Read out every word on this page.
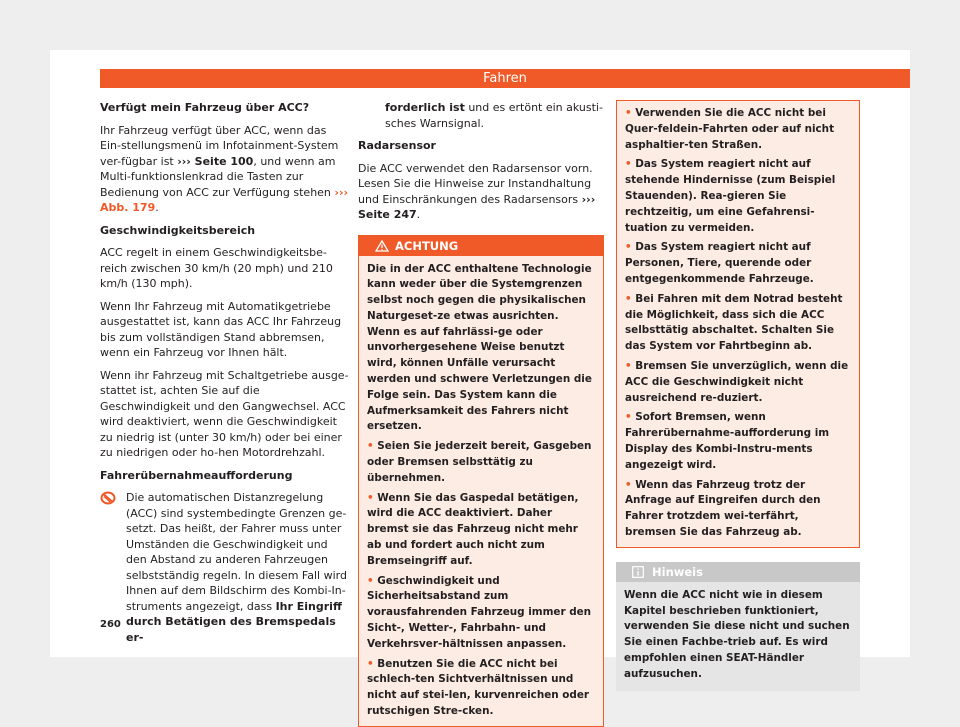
Fahren

Verfügt mein Fahrzeug über ACC?

Ihr Fahrzeug verfügt über ACC, wenn das Ein-stellungsmenü im Infotainment-System ver-fügbar ist ››› Seite 100, und wenn am Multi-funktionslenkrad die Tasten zur Bedienung von ACC zur Verfügung stehen ››› Abb. 179.

Geschwindigkeitsbereich

ACC regelt in einem Geschwindigkeitsbe-reich zwischen 30 km/h (20 mph) und 210 km/h (130 mph).

Wenn Ihr Fahrzeug mit Automatikgetriebe ausgestattet ist, kann das ACC Ihr Fahrzeug bis zum vollständigen Stand abbremsen, wenn ein Fahrzeug vor Ihnen hält.

Wenn ihr Fahrzeug mit Schaltgetriebe ausge-stattet ist, achten Sie auf die Geschwindigkeit und den Gangwechsel. ACC wird deaktiviert, wenn die Geschwindigkeit zu niedrig ist (unter 30 km/h) oder bei einer zu niedrigen oder ho-hen Motordrehzahl.

Fahrerübernahmeaufforderung

Die automatischen Distanzregelung (ACC) sind systembedingte Grenzen ge-setzt. Das heißt, der Fahrer muss unter Umständen die Geschwindigkeit und den Abstand zu anderen Fahrzeugen selbstständig regeln. In diesem Fall wird Ihnen auf dem Bildschirm des Kombi-In-struments angezeigt, dass Ihr Eingriff durch Betätigen des Bremspedals er-

forderlich ist und es ertönt ein akusti-sches Warnsignal.

Radarsensor

Die ACC verwendet den Radarsensor vorn. Lesen Sie die Hinweise zur Instandhaltung und Einschränkungen des Radarsensors ››› Seite 247.

ACHTUNG

Die in der ACC enthaltene Technologie kann weder über die Systemgrenzen selbst noch gegen die physikalischen Naturgeset-ze etwas ausrichten. Wenn es auf fahrlässi-ge oder unvorhergesehene Weise benutzt wird, können Unfälle verursacht werden und schwere Verletzungen die Folge sein. Das System kann die Aufmerksamkeit des Fahrers nicht ersetzen.

• Seien Sie jederzeit bereit, Gasgeben oder Bremsen selbsttätig zu übernehmen.

• Wenn Sie das Gaspedal betätigen, wird die ACC deaktiviert. Daher bremst sie das Fahrzeug nicht mehr ab und fordert auch nicht zum Bremseingriff auf.

• Geschwindigkeit und Sicherheitsabstand zum vorausfahrenden Fahrzeug immer den Sicht-, Wetter-, Fahrbahn- und Verkehrsver-hältnissen anpassen.

• Benutzen Sie die ACC nicht bei schlech-ten Sichtverhältnissen und nicht auf stei-len, kurvenreichen oder rutschigen Stre-cken.

• Verwenden Sie die ACC nicht bei Quer-feldein-Fahrten oder auf nicht asphaltier-ten Straßen.

• Das System reagiert nicht auf stehende Hindernisse (zum Beispiel Stauenden). Rea-gieren Sie rechtzeitig, um eine Gefahrensi-tuation zu vermeiden.

• Das System reagiert nicht auf Personen, Tiere, querende oder entgegenkommende Fahrzeuge.

• Bei Fahren mit dem Notrad besteht die Möglichkeit, dass sich die ACC selbsttätig abschaltet. Schalten Sie das System vor Fahrtbeginn ab.

• Bremsen Sie unverzüglich, wenn die ACC die Geschwindigkeit nicht ausreichend re-duziert.

• Sofort Bremsen, wenn Fahrerübernahme-aufforderung im Display des Kombi-Instru-ments angezeigt wird.

• Wenn das Fahrzeug trotz der Anfrage auf Eingreifen durch den Fahrer trotzdem wei-terfährt, bremsen Sie das Fahrzeug ab.

Hinweis
Wenn die ACC nicht wie in diesem Kapitel beschrieben funktioniert, verwenden Sie diese nicht und suchen Sie einen Fachbe-trieb auf. Es wird empfohlen einen SEAT-Händler aufzusuchen.
260
